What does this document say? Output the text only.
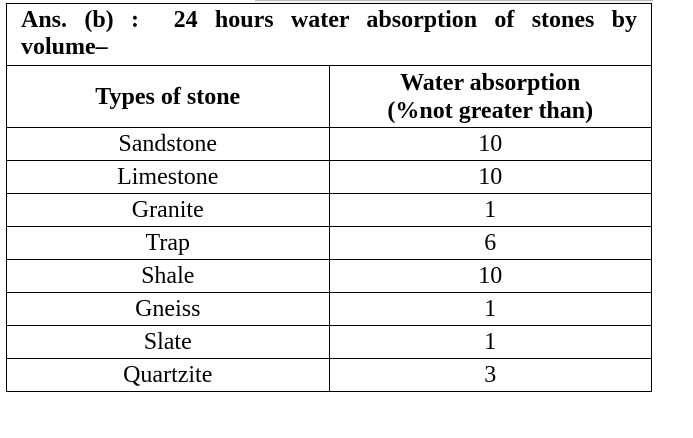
Ans. (b) : 24 hours water absorption of stones by volume–
Types of stone	Water absorption
(%not greater than)

Sandstone	10
Limestone	10
Granite	1
Trap	6
Shale	10
Gneiss	1
Slate	1
Quartzite	3
